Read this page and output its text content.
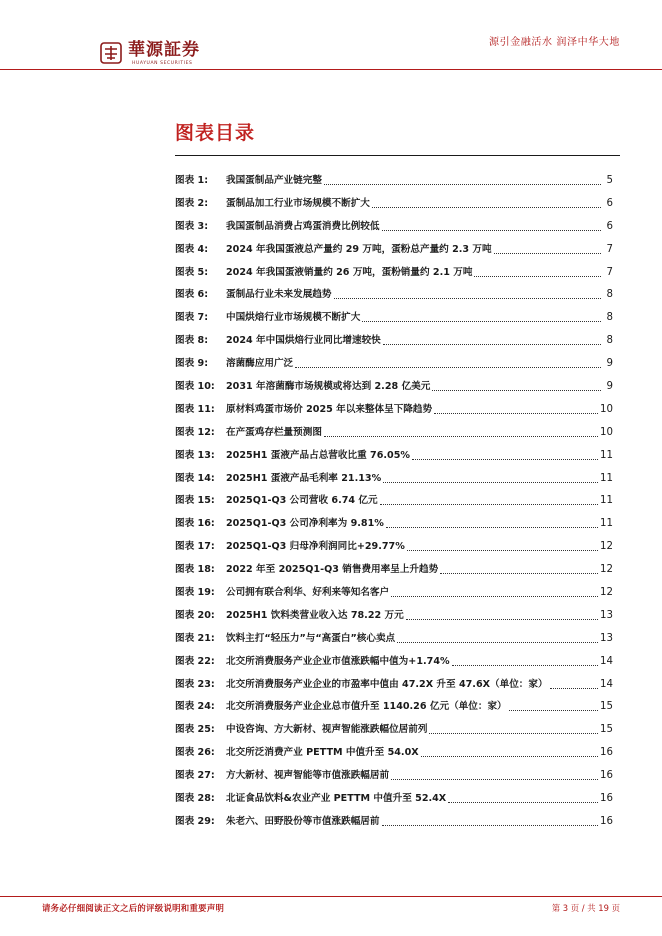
華源証券
HUAYUAN SECURITIES
源引金融活水 润泽中华大地
图表目录
图表 1:	我国蛋制品产业链完整	5
图表 2:	蛋制品加工行业市场规模不断扩大	6
图表 3:	我国蛋制品消费占鸡蛋消费比例较低	6
图表 4:	2024 年我国蛋液总产量约 29 万吨，蛋粉总产量约 2.3 万吨	7
图表 5:	2024 年我国蛋液销量约 26 万吨，蛋粉销量约 2.1 万吨	7
图表 6:	蛋制品行业未来发展趋势	8
图表 7:	中国烘焙行业市场规模不断扩大	8
图表 8:	2024 年中国烘焙行业同比增速较快	8
图表 9:	溶菌酶应用广泛	9
图表 10:	2031 年溶菌酶市场规模或将达到 2.28 亿美元	9
图表 11:	原材料鸡蛋市场价 2025 年以来整体呈下降趋势	10
图表 12:	在产蛋鸡存栏量预测图	10
图表 13:	2025H1 蛋液产品占总营收比重 76.05%	11
图表 14:	2025H1 蛋液产品毛利率 21.13%	11
图表 15:	2025Q1-Q3 公司营收 6.74 亿元	11
图表 16:	2025Q1-Q3 公司净利率为 9.81%	11
图表 17:	2025Q1-Q3 归母净利润同比+29.77%	12
图表 18:	2022 年至 2025Q1-Q3 销售费用率呈上升趋势	12
图表 19:	公司拥有联合利华、好利来等知名客户	12
图表 20:	2025H1 饮料类营业收入达 78.22 万元	13
图表 21:	饮料主打“轻压力”与“高蛋白”核心卖点	13
图表 22:	北交所消费服务产业企业市值涨跌幅中值为+1.74%	14
图表 23:	北交所消费服务产业企业的市盈率中值由 47.2X 升至 47.6X（单位：家）	14
图表 24:	北交所消费服务产业企业总市值升至 1140.26 亿元（单位：家）	15
图表 25:	中设咨询、方大新材、视声智能涨跌幅位居前列	15
图表 26:	北交所泛消费产业 PETTM 中值升至 54.0X	16
图表 27:	方大新材、视声智能等市值涨跌幅居前	16
图表 28:	北证食品饮料&农业产业 PETTM 中值升至 52.4X	16
图表 29:	朱老六、田野股份等市值涨跌幅居前	16
请务必仔细阅读正文之后的评级说明和重要声明	第 3 页 / 共 19 页
